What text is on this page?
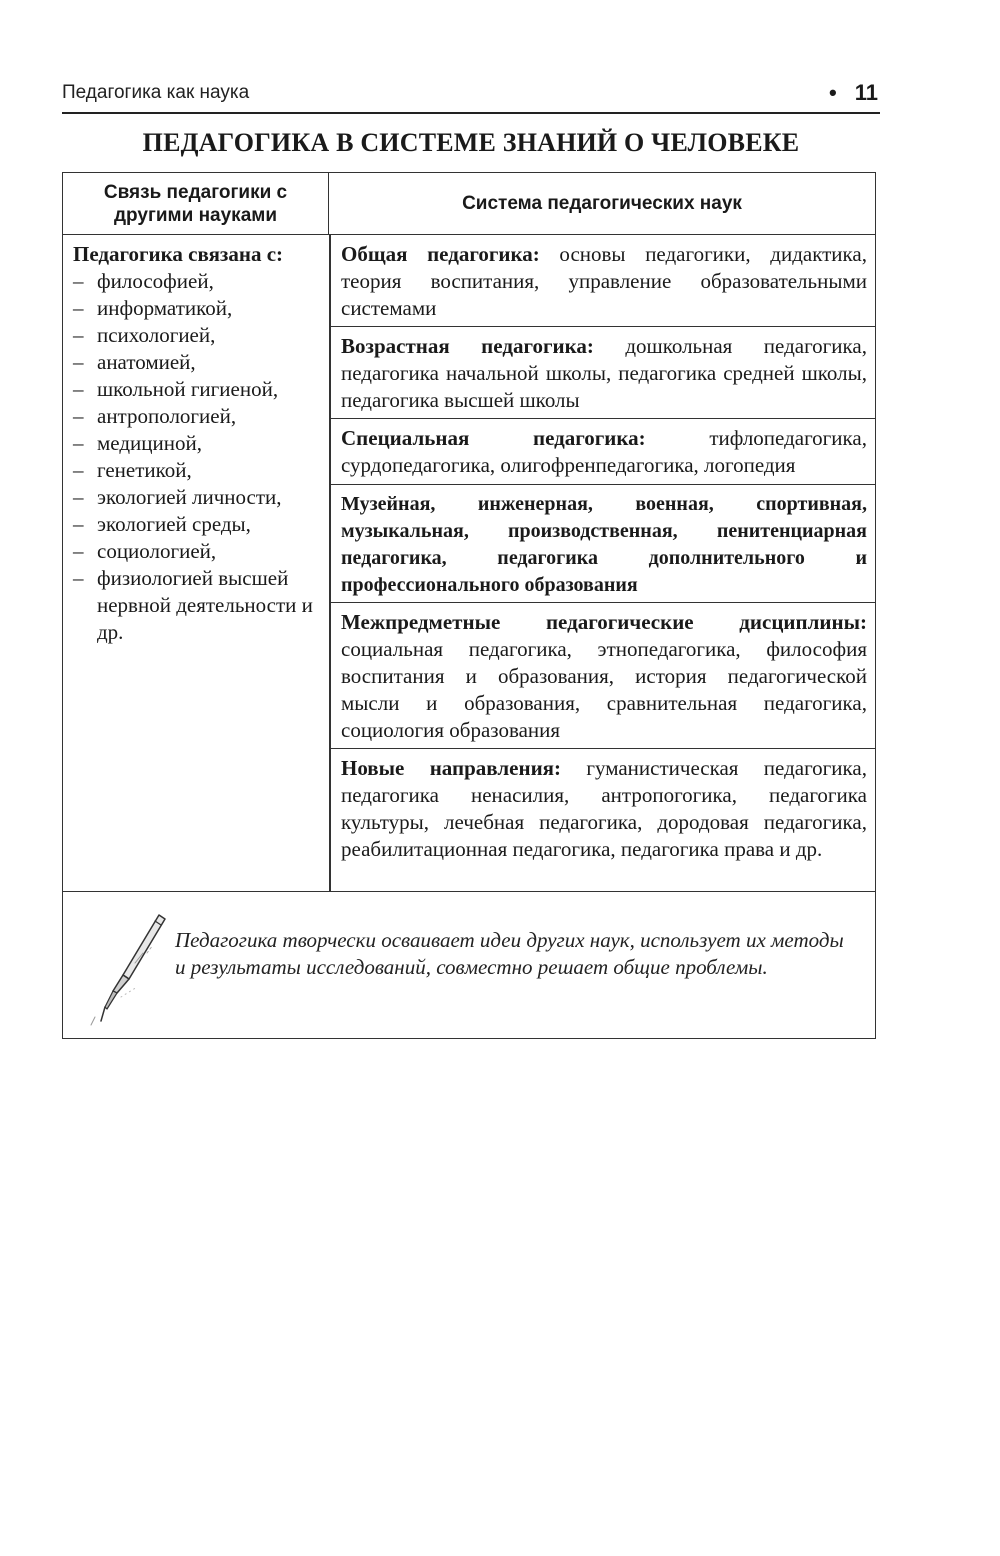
Педагогика как наука	• 11
ПЕДАГОГИКА В СИСТЕМЕ ЗНАНИЙ О ЧЕЛОВЕКЕ
Связь педагогики с другими науками
Система педагогических наук
Педагогика связана с:
– философией,
– информатикой,
– психологией,
– анатомией,
– школьной гигиеной,
– антропологией,
– медициной,
– генетикой,
– экологией личности,
– экологией среды,
– социологией,
– физиологией высшей нервной деятельности и др.
Общая педагогика: основы педагогики, дидактика, теория воспитания, управление образовательными системами
Возрастная педагогика: дошкольная педагогика, педагогика начальной школы, педагогика средней школы, педагогика высшей школы
Специальная педагогика: тифлопедагогика, сурдопедагогика, олигофренпедагогика, логопедия
Музейная, инженерная, военная, спортивная, музыкальная, производственная, пенитенциарная педагогика, педагогика дополнительного и профессионального образования
Межпредметные педагогические дисциплины: социальная педагогика, этнопедагогика, философия воспитания и образования, история педагогической мысли и образования, сравнительная педагогика, социология образования
Новые направления: гуманистическая педагогика, педагогика ненасилия, антропогогика, педагогика культуры, лечебная педагогика, дородовая педагогика, реабилитационная педагогика, педагогика права и др.
Педагогика творчески осваивает идеи других наук, использует их методы и результаты исследований, совместно решает общие проблемы.
